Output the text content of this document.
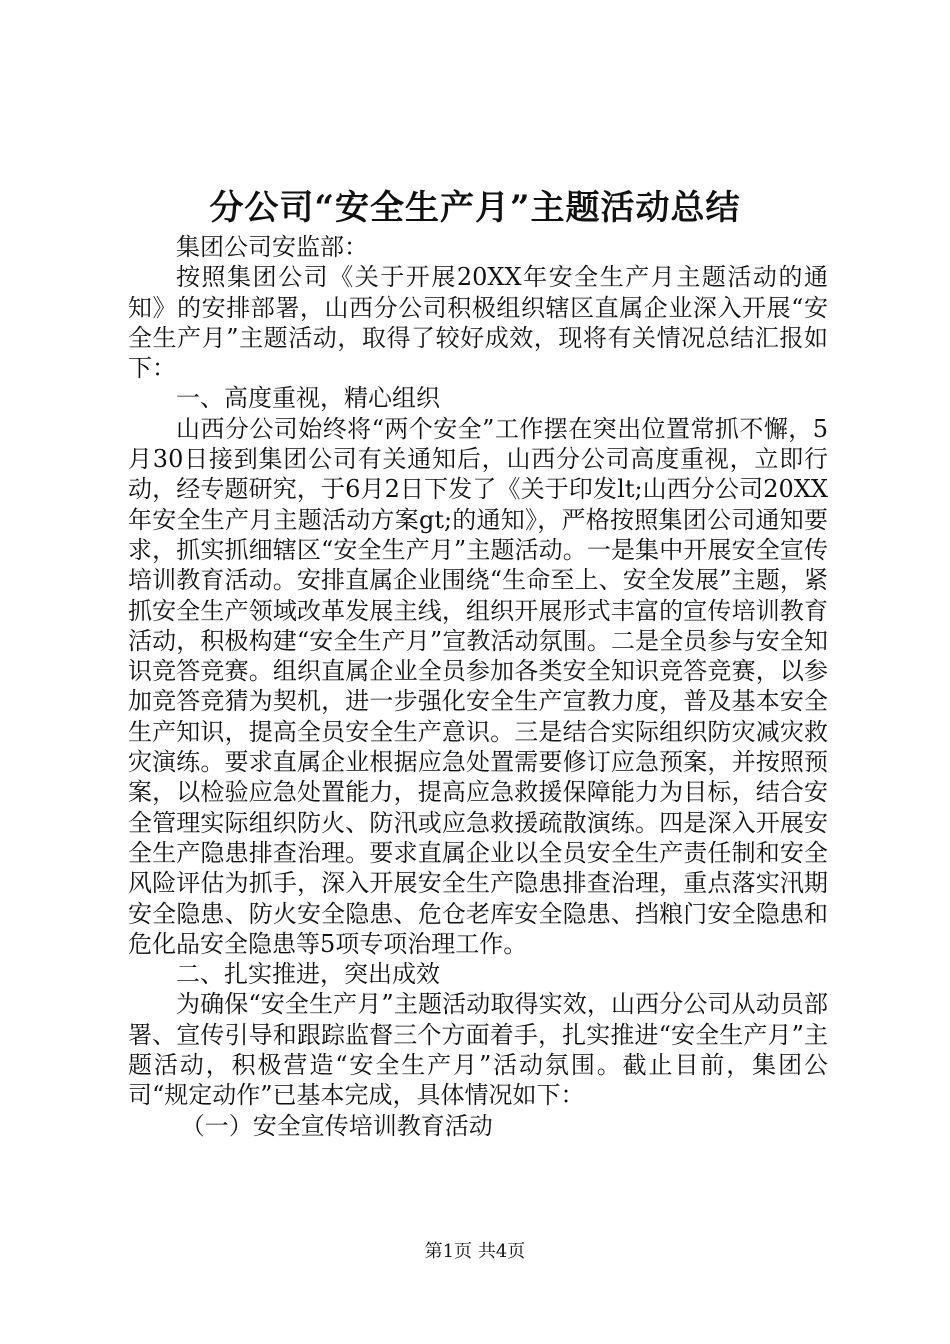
分公司“安全生产月”主题活动总结

集团公司安监部：

按照集团公司《关于开展20XX年安全生产月主题活动的通知》的安排部署，山西分公司积极组织辖区直属企业深入开展“安全生产月”主题活动，取得了较好成效，现将有关情况总结汇报如下：

一、高度重视，精心组织

山西分公司始终将“两个安全”工作摆在突出位置常抓不懈，5月30日接到集团公司有关通知后，山西分公司高度重视，立即行动，经专题研究，于6月2日下发了《关于印发lt;山西分公司20XX年安全生产月主题活动方案gt;的通知》，严格按照集团公司通知要求，抓实抓细辖区“安全生产月”主题活动。一是集中开展安全宣传培训教育活动。安排直属企业围绕“生命至上、安全发展”主题，紧抓安全生产领域改革发展主线，组织开展形式丰富的宣传培训教育活动，积极构建“安全生产月”宣教活动氛围。二是全员参与安全知识竞答竞赛。组织直属企业全员参加各类安全知识竞答竞赛，以参加竞答竞猜为契机，进一步强化安全生产宣教力度，普及基本安全生产知识，提高全员安全生产意识。三是结合实际组织防灾减灾救灾演练。要求直属企业根据应急处置需要修订应急预案，并按照预案，以检验应急处置能力，提高应急救援保障能力为目标，结合安全管理实际组织防火、防汛或应急救援疏散演练。四是深入开展安全生产隐患排查治理。要求直属企业以全员安全生产责任制和安全风险评估为抓手，深入开展安全生产隐患排查治理，重点落实汛期安全隐患、防火安全隐患、危仓老库安全隐患、挡粮门安全隐患和危化品安全隐患等5项专项治理工作。

二、扎实推进，突出成效

为确保“安全生产月”主题活动取得实效，山西分公司从动员部署、宣传引导和跟踪监督三个方面着手，扎实推进“安全生产月”主题活动，积极营造“安全生产月”活动氛围。截止目前，集团公司“规定动作”已基本完成，具体情况如下：

（一）安全宣传培训教育活动

第1页 共4页
